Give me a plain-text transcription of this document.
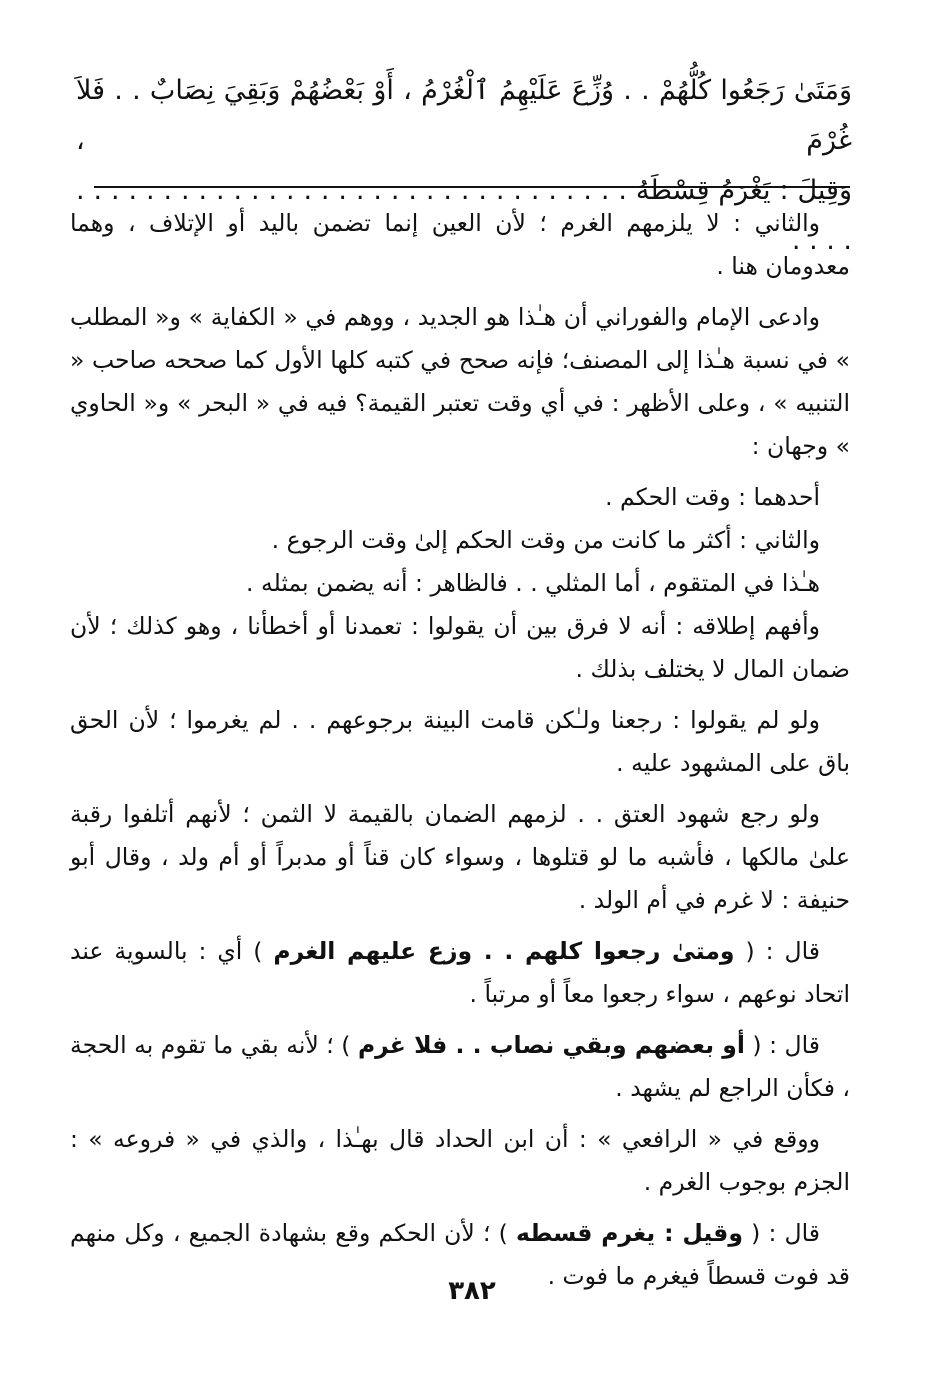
وَمَتَىٰ رَجَعُوا كُلُّهُمْ . . وُزِّعَ عَلَيْهِمُ ٱلْغُرْمُ ، أَوْ بَعْضُهُمْ وَبَقِيَ نِصَابٌ . . فَلاَ غُرْمَ ،
وَقِيلَ : يَغْرَمُ قِسْطَهُ . . . . . . . . . . . . . . . . . . . . . . . . . . . . . . . . . . . .

والثاني : لا يلزمهم الغرم ؛ لأن العين إنما تضمن باليد أو الإتلاف ، وهما معدومان هنا .

وادعى الإمام والفوراني أن هـٰذا هو الجديد ، ووهم في « الكفاية » و« المطلب » في نسبة هـٰذا إلى المصنف؛ فإنه صحح في كتبه كلها الأول كما صححه صاحب « التنبيه » ، وعلى الأظهر : في أي وقت تعتبر القيمة؟ فيه في « البحر » و« الحاوي » وجهان :

أحدهما : وقت الحكم .

والثاني : أكثر ما كانت من وقت الحكم إلىٰ وقت الرجوع .

هـٰذا في المتقوم ، أما المثلي . . فالظاهر : أنه يضمن بمثله .

وأفهم إطلاقه : أنه لا فرق بين أن يقولوا : تعمدنا أو أخطأنا ، وهو كذلك ؛ لأن ضمان المال لا يختلف بذلك .

ولو لم يقولوا : رجعنا ولـٰكن قامت البينة برجوعهم . . لم يغرموا ؛ لأن الحق باق على المشهود عليه .

ولو رجع شهود العتق . . لزمهم الضمان بالقيمة لا الثمن ؛ لأنهم أتلفوا رقبة علىٰ مالكها ، فأشبه ما لو قتلوها ، وسواء كان قناً أو مدبراً أو أم ولد ، وقال أبو حنيفة : لا غرم في أم الولد .

قال : ( ومتىٰ رجعوا كلهم . . وزع عليهم الغرم ) أي : بالسوية عند اتحاد نوعهم ، سواء رجعوا معاً أو مرتباً .

قال : ( أو بعضهم وبقي نصاب . . فلا غرم ) ؛ لأنه بقي ما تقوم به الحجة ، فكأن الراجع لم يشهد .

ووقع في « الرافعي » : أن ابن الحداد قال بهـٰذا ، والذي في « فروعه » : الجزم بوجوب الغرم .

قال : ( وقيل : يغرم قسطه ) ؛ لأن الحكم وقع بشهادة الجميع ، وكل منهم قد فوت قسطاً فيغرم ما فوت .

٣٨٢
